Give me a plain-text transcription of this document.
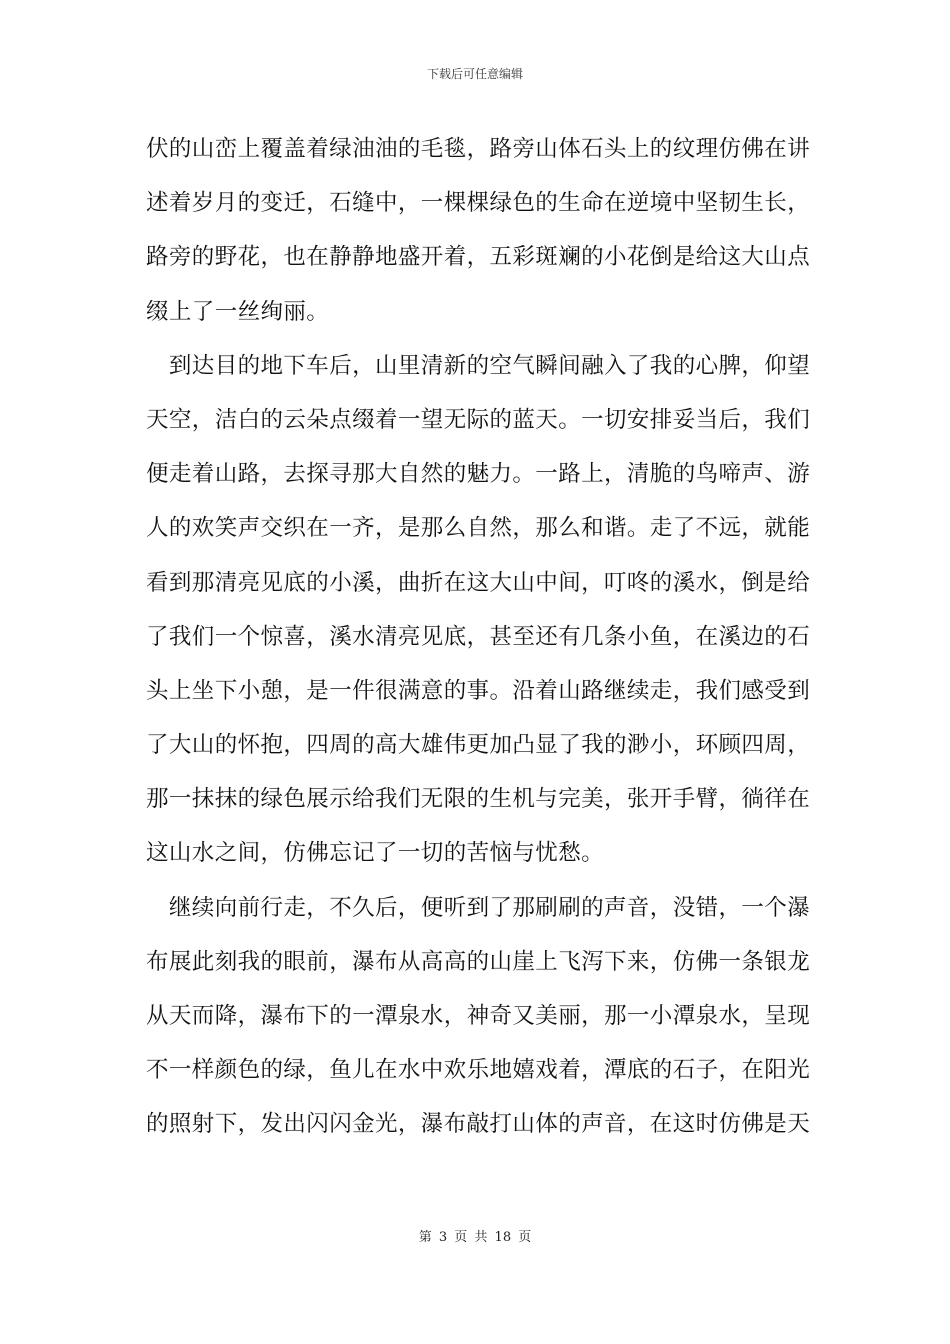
下载后可任意编辑
伏的山峦上覆盖着绿油油的毛毯，路旁山体石头上的纹理仿佛在讲
述着岁月的变迁，石缝中，一棵棵绿色的生命在逆境中坚韧生长，
路旁的野花，也在静静地盛开着，五彩斑斓的小花倒是给这大山点
缀上了一丝绚丽。
　到达目的地下车后，山里清新的空气瞬间融入了我的心脾，仰望
天空，洁白的云朵点缀着一望无际的蓝天。一切安排妥当后，我们
便走着山路，去探寻那大自然的魅力。一路上，清脆的鸟啼声、游
人的欢笑声交织在一齐，是那么自然，那么和谐。走了不远，就能
看到那清亮见底的小溪，曲折在这大山中间，叮咚的溪水，倒是给
了我们一个惊喜，溪水清亮见底，甚至还有几条小鱼，在溪边的石
头上坐下小憩，是一件很满意的事。沿着山路继续走，我们感受到
了大山的怀抱，四周的高大雄伟更加凸显了我的渺小，环顾四周，
那一抹抹的绿色展示给我们无限的生机与完美，张开手臂，徜徉在
这山水之间，仿佛忘记了一切的苦恼与忧愁。
　继续向前行走，不久后，便听到了那刷刷的声音，没错，一个瀑
布展此刻我的眼前，瀑布从高高的山崖上飞泻下来，仿佛一条银龙
从天而降，瀑布下的一潭泉水，神奇又美丽，那一小潭泉水，呈现
不一样颜色的绿，鱼儿在水中欢乐地嬉戏着，潭底的石子，在阳光
的照射下，发出闪闪金光，瀑布敲打山体的声音，在这时仿佛是天
第 3 页 共 18 页
